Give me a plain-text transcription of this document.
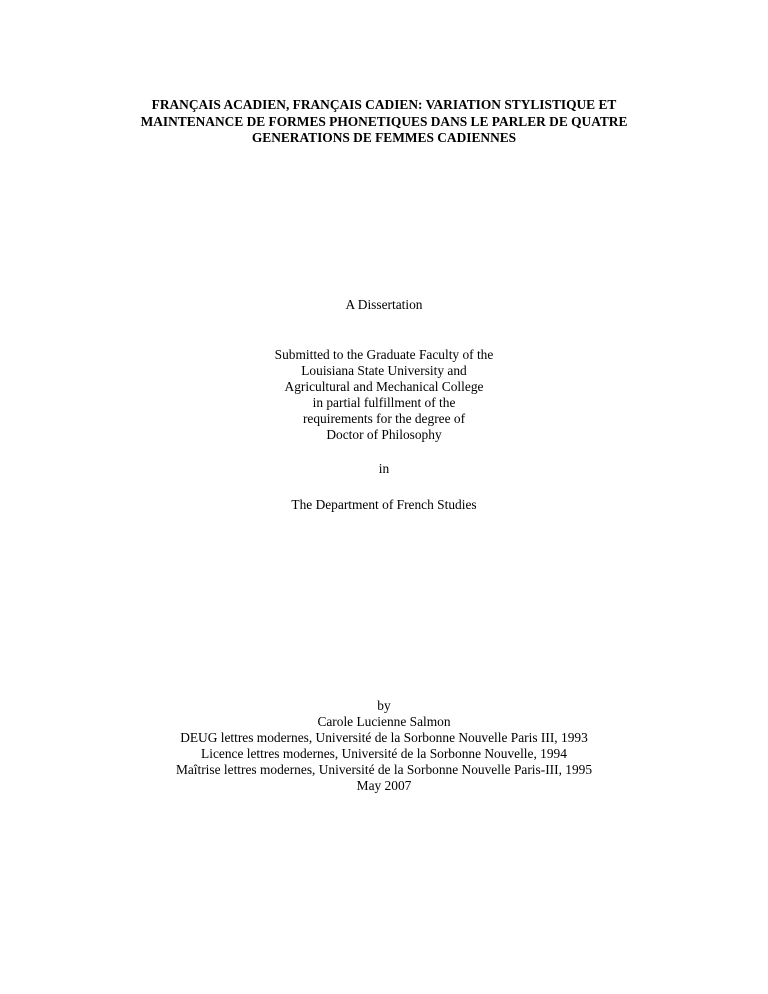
FRANÇAIS ACADIEN, FRANÇAIS CADIEN: VARIATION STYLISTIQUE ET
MAINTENANCE DE FORMES PHONETIQUES DANS LE PARLER DE QUATRE
GENERATIONS DE FEMMES CADIENNES
A Dissertation
Submitted to the Graduate Faculty of the
Louisiana State University and
Agricultural and Mechanical College
in partial fulfillment of the
requirements for the degree of
Doctor of Philosophy
in
The Department of French Studies
by
Carole Lucienne Salmon
DEUG lettres modernes, Université de la Sorbonne Nouvelle Paris III, 1993
Licence lettres modernes, Université de la Sorbonne Nouvelle, 1994
Maîtrise lettres modernes, Université de la Sorbonne Nouvelle Paris-III, 1995
May 2007
